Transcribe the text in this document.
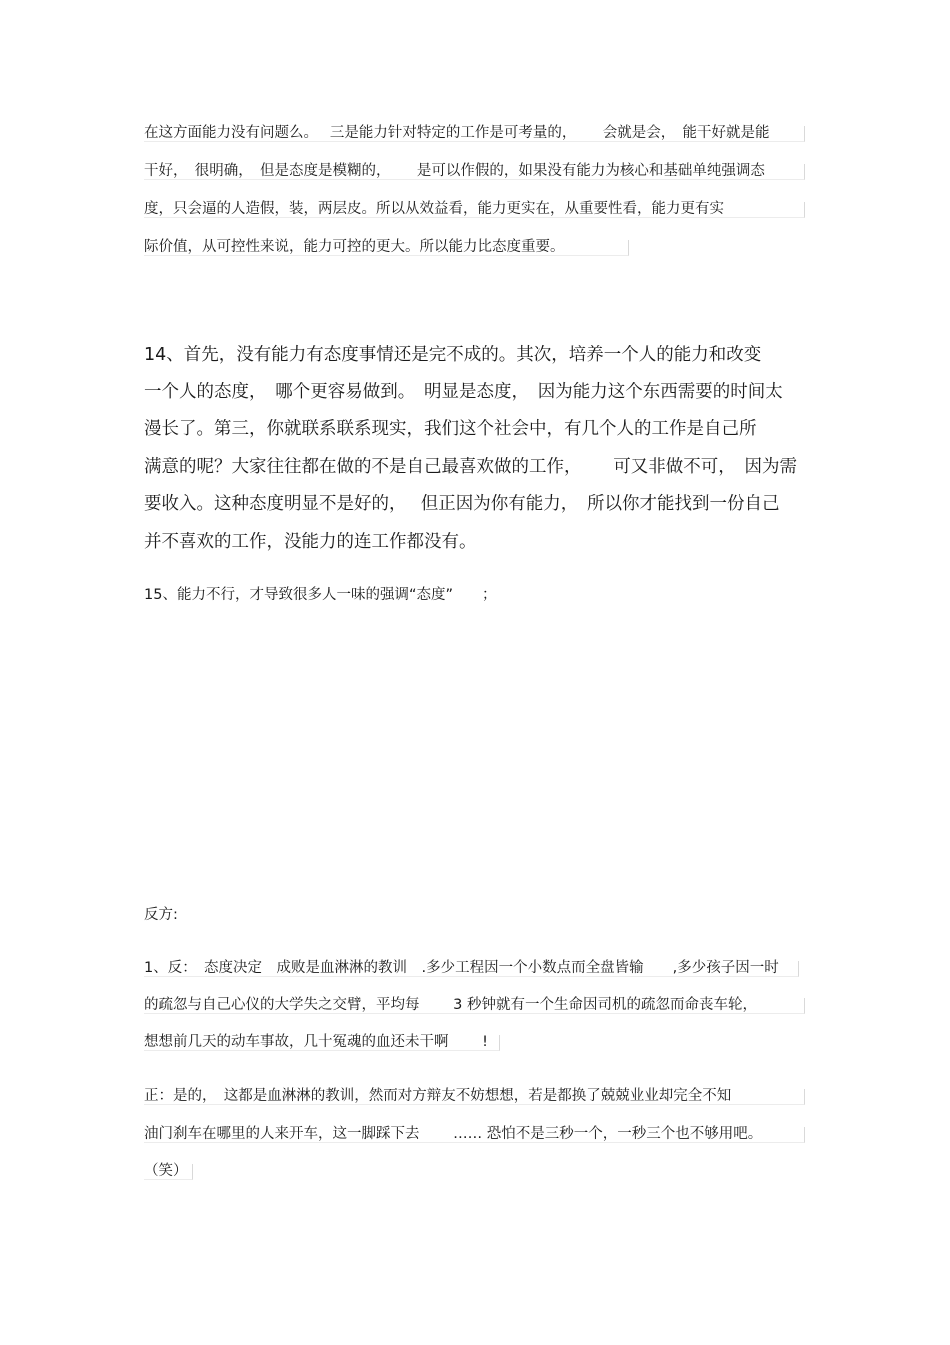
在这方面能力没有问题么。　 三是能力针对特定的工作是可考量的，　　 会就是会，　能干好就是能
干好，　很明确，　但是态度是模糊的，　　 是可以作假的，如果没有能力为核心和基础单纯强调态
度，只会逼的人造假，装，两层皮。所以从效益看，能力更实在，从重要性看，能力更有实
际价值，从可控性来说，能力可控的更大。所以能力比态度重要。
14、首先，没有能力有态度事情还是完不成的。其次，培养一个人的能力和改变
一个人的态度，　哪个更容易做到。　明显是态度，　因为能力这个东西需要的时间太
漫长了。第三，你就联系联系现实，我们这个社会中，有几个人的工作是自己所
满意的呢？大家往往都在做的不是自己最喜欢做的工作，　　 可又非做不可，　因为需
要收入。这种态度明显不是好的，　 但正因为你有能力，　所以你才能找到一份自己
并不喜欢的工作，没能力的连工作都没有。
15、能力不行，才导致很多人一味的强调“态度”　　；
反方:
1、反：　态度决定　成败是血淋淋的教训　.多少工程因一个小数点而全盘皆输　　,多少孩子因一时
的疏忽与自己心仪的大学失之交臂，平均每　　 3 秒钟就有一个生命因司机的疏忽而命丧车轮，
想想前几天的动车事故，几十冤魂的血还未干啊　　 !
正：是的，　这都是血淋淋的教训，然而对方辩友不妨想想，若是都换了兢兢业业却完全不知
油门刹车在哪里的人来开车，这一脚踩下去　　 …… 恐怕不是三秒一个，一秒三个也不够用吧。
（笑）
